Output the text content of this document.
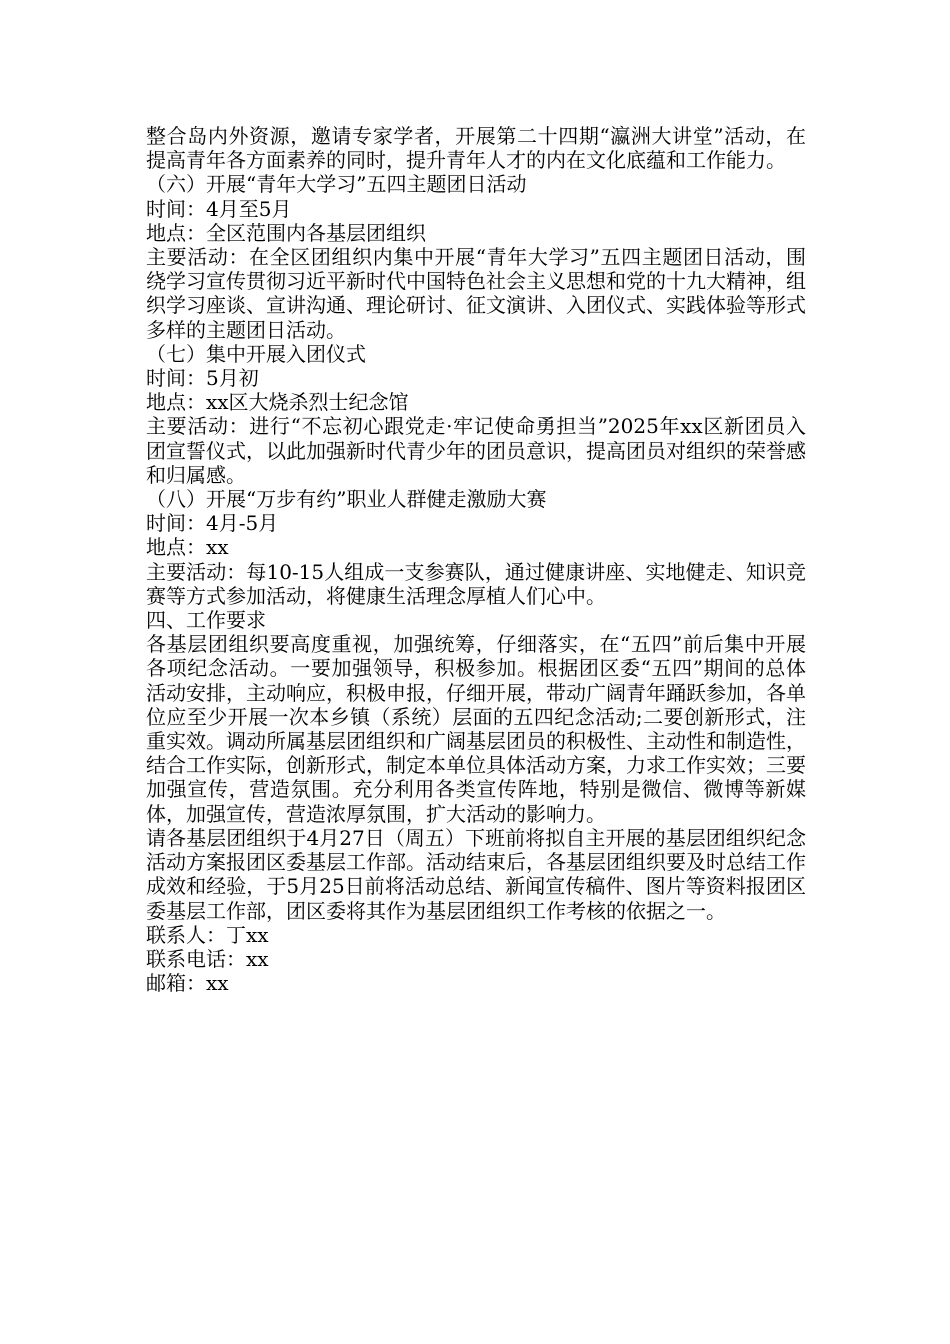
整合岛内外资源，邀请专家学者，开展第二十四期“瀛洲大讲堂”活动，在提高青年各方面素养的同时，提升青年人才的内在文化底蕴和工作能力。

（六）开展“青年大学习”五四主题团日活动

时间：4月至5月

地点：全区范围内各基层团组织

主要活动：在全区团组织内集中开展“青年大学习”五四主题团日活动，围绕学习宣传贯彻习近平新时代中国特色社会主义思想和党的十九大精神，组织学习座谈、宣讲沟通、理论研讨、征文演讲、入团仪式、实践体验等形式多样的主题团日活动。

（七）集中开展入团仪式

时间：5月初

地点：xx区大烧杀烈士纪念馆

主要活动：进行“不忘初心跟党走·牢记使命勇担当”2025年xx区新团员入团宣誓仪式，以此加强新时代青少年的团员意识，提高团员对组织的荣誉感和归属感。

（八）开展“万步有约”职业人群健走激励大赛

时间：4月-5月

地点：xx

主要活动：每10-15人组成一支参赛队，通过健康讲座、实地健走、知识竞赛等方式参加活动，将健康生活理念厚植人们心中。

四、工作要求

各基层团组织要高度重视，加强统筹，仔细落实，在“五四”前后集中开展各项纪念活动。一要加强领导，积极参加。根据团区委“五四”期间的总体活动安排，主动响应，积极申报，仔细开展，带动广阔青年踊跃参加，各单位应至少开展一次本乡镇（系统）层面的五四纪念活动;二要创新形式，注重实效。调动所属基层团组织和广阔基层团员的积极性、主动性和制造性，结合工作实际，创新形式，制定本单位具体活动方案，力求工作实效；三要加强宣传，营造氛围。充分利用各类宣传阵地，特别是微信、微博等新媒体，加强宣传，营造浓厚氛围，扩大活动的影响力。

请各基层团组织于4月27日（周五）下班前将拟自主开展的基层团组织纪念活动方案报团区委基层工作部。活动结束后，各基层团组织要及时总结工作成效和经验，于5月25日前将活动总结、新闻宣传稿件、图片等资料报团区委基层工作部，团区委将其作为基层团组织工作考核的依据之一。

联系人：丁xx

联系电话：xx

邮箱：xx
